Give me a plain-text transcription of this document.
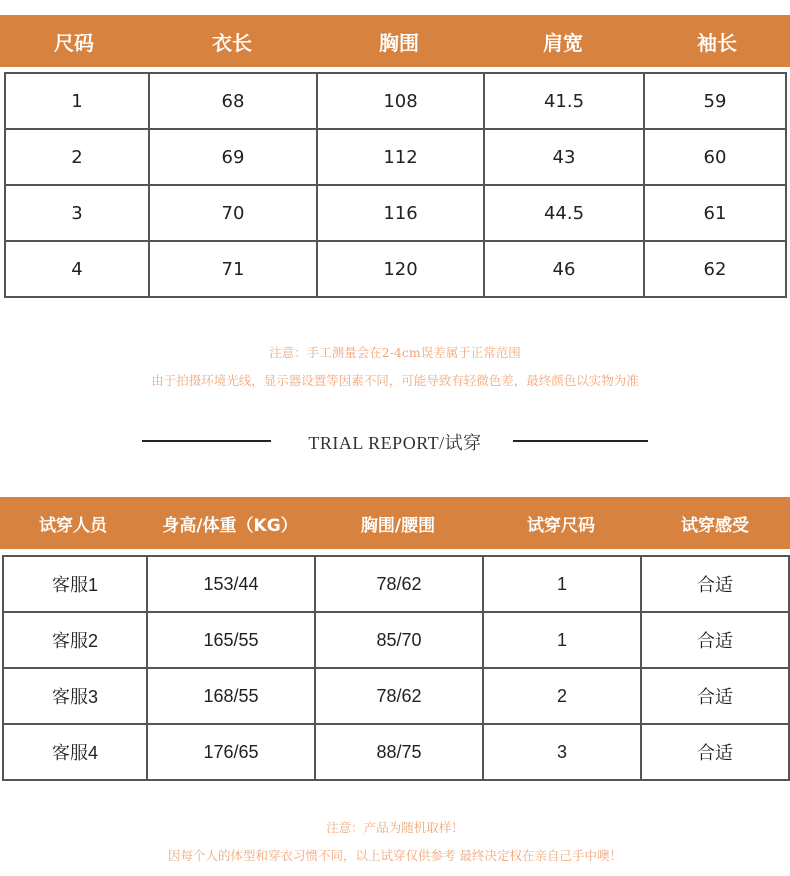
尺码	衣长	胸围	肩宽	袖长
1	68	108	41.5	59
2	69	112	43	60
3	70	116	44.5	61
4	71	120	46	62
注意：手工测量会在2-4cm误差属于正常范围
由于拍摄环境光线，显示器设置等因素不同，可能导致有轻微色差，最终颜色以实物为准
TRIAL REPORT/试穿
试穿人员	身高/体重（KG）	胸围/腰围	试穿尺码	试穿感受
客服1	153/44	78/62	1	合适
客服2	165/55	85/70	1	合适
客服3	168/55	78/62	2	合适
客服4	176/65	88/75	3	合适
注意：产品为随机取样！
因每个人的体型和穿衣习惯不同，以上试穿仅供参考 最终决定权在亲自己手中噢！
